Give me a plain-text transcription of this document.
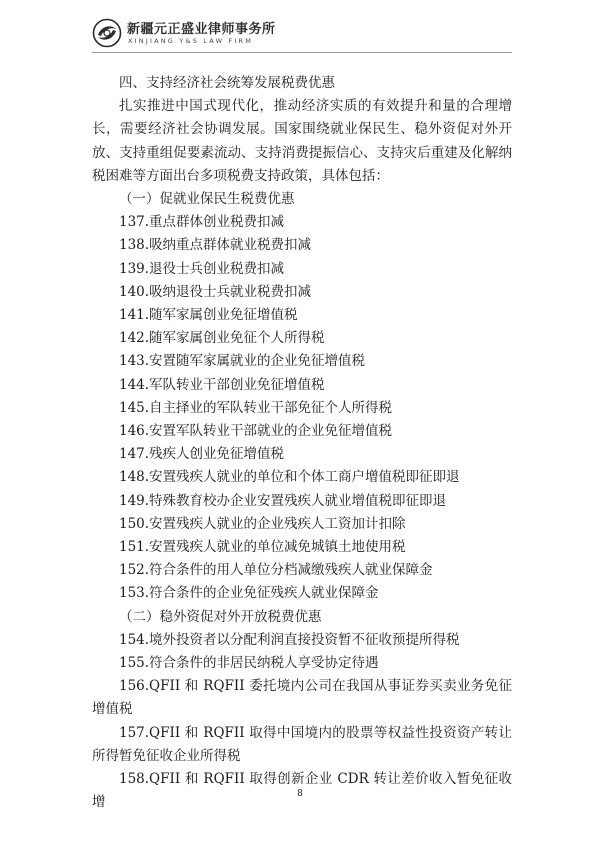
新疆元正盛业律师事务所
XINJIANG Y&S LAW FIRM

四、支持经济社会统筹发展税费优惠

扎实推进中国式现代化，推动经济实质的有效提升和量的合理增长，需要经济社会协调发展。国家围绕就业保民生、稳外资促对外开放、支持重组促要素流动、支持消费提振信心、支持灾后重建及化解纳税困难等方面出台多项税费支持政策，具体包括：

（一）促就业保民生税费优惠

137.重点群体创业税费扣减

138.吸纳重点群体就业税费扣减

139.退役士兵创业税费扣减

140.吸纳退役士兵就业税费扣减

141.随军家属创业免征增值税

142.随军家属创业免征个人所得税

143.安置随军家属就业的企业免征增值税

144.军队转业干部创业免征增值税

145.自主择业的军队转业干部免征个人所得税

146.安置军队转业干部就业的企业免征增值税

147.残疾人创业免征增值税

148.安置残疾人就业的单位和个体工商户增值税即征即退

149.特殊教育校办企业安置残疾人就业增值税即征即退

150.安置残疾人就业的企业残疾人工资加计扣除

151.安置残疾人就业的单位减免城镇土地使用税

152.符合条件的用人单位分档减缴残疾人就业保障金

153.符合条件的企业免征残疾人就业保障金

（二）稳外资促对外开放税费优惠

154.境外投资者以分配利润直接投资暂不征收预提所得税

155.符合条件的非居民纳税人享受协定待遇

156.QFII 和 RQFII 委托境内公司在我国从事证券买卖业务免征增值税

157.QFII 和 RQFII 取得中国境内的股票等权益性投资资产转让所得暂免征收企业所得税

158.QFII 和 RQFII 取得创新企业 CDR 转让差价收入暂免征收增

8
